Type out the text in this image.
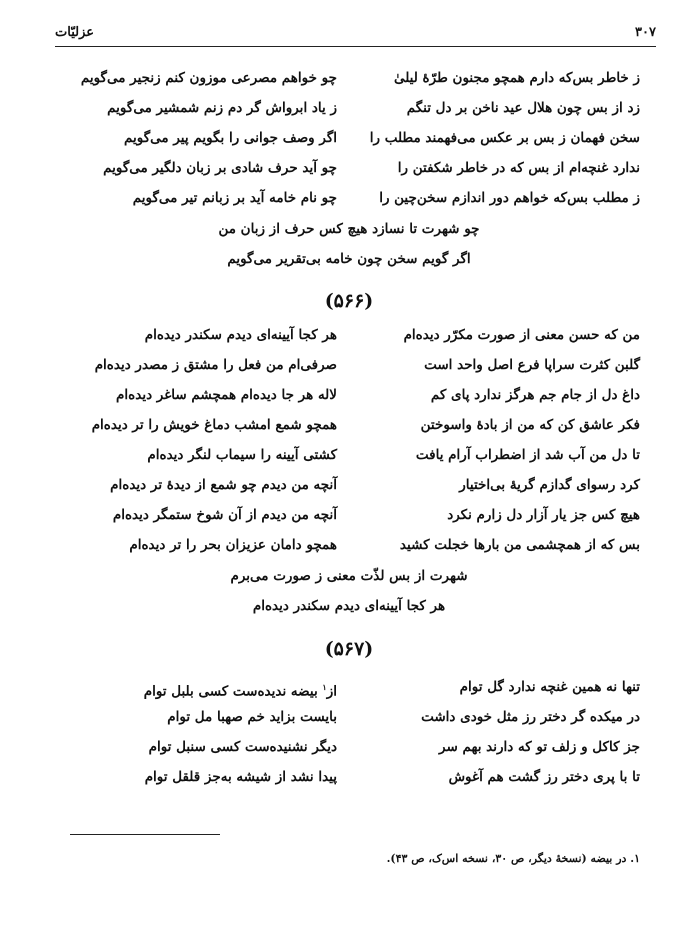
۳۰۷
عزلیّات
ز خاطر بس‌که دارم همچو مجنون طرّهٔ لیلیٰ
چو خواهم مصرعی موزون کنم زنجیر می‌گویم
زد از بس چون هلال عید ناخن بر دل تنگم
ز یاد ابرواش گر دم زنم شمشیر می‌گویم
سخن فهمان ز بس بر عکس می‌فهمند مطلب را
اگر وصف جوانی را بگویم پیر می‌گویم
ندارد غنچه‌ام از بس که در خاطر شکفتن را
چو آید حرف شادی بر زبان دلگیر می‌گویم
ز مطلب بس‌که خواهم دور اندازم سخن‌چین را
چو نام خامه آید بر زبانم تیر می‌گویم
چو شهرت تا نسازد هیچ کس حرف از زبان من
اگر گویم سخن چون خامه بی‌تقریر می‌گویم
(۵۶۶)
من که حسن معنی از صورت مکرّر دیده‌ام
هر کجا آیینه‌ای دیدم سکندر دیده‌ام
گلبن کثرت سراپا فرع اصل واحد است
صرفی‌ام من فعل را مشتق ز مصدر دیده‌ام
داغ دل از جام جم هرگز ندارد پای کم
لاله هر جا دیده‌ام همچشم ساغر دیده‌ام
فکر عاشق کن که من از بادهٔ واسوختن
همچو شمع امشب دماغ خویش را تر دیده‌ام
تا دل من آب شد از اضطراب آرام یافت
کشتی آیینه را سیماب لنگر دیده‌ام
کرد رسوای گدازم گریهٔ بی‌اختیار
آنچه من دیدم چو شمع از دیدهٔ تر دیده‌ام
هیچ کس جز یار آزار دل زارم نکرد
آنچه من دیدم از آن شوخ ستمگر دیده‌ام
بس که از همچشمی من بارها خجلت کشید
همچو دامان عزیزان بحر را تر دیده‌ام
شهرت از بس لذّت معنی ز صورت می‌برم
هر کجا آیینه‌ای دیدم سکندر دیده‌ام
(۵۶۷)
تنها نه همین غنچه ندارد گل توام
از$^۱$ بیضه ندیده‌ست کسی بلبل توام
در میکده گر دختر رز مثل خودی داشت
بایست بزاید خم صهبا مل توام
جز کاکل و زلف تو که دارند بهم سر
دیگر نشنیده‌ست کسی سنبل توام
تا با پری دختر رز گشت هم آغوش
پیدا نشد از شیشه به‌جز قلقل توام
۱. در بیضه (نسخهٔ دیگر، ص ۳۰، نسخه اس‌ک، ص ۴۳).
